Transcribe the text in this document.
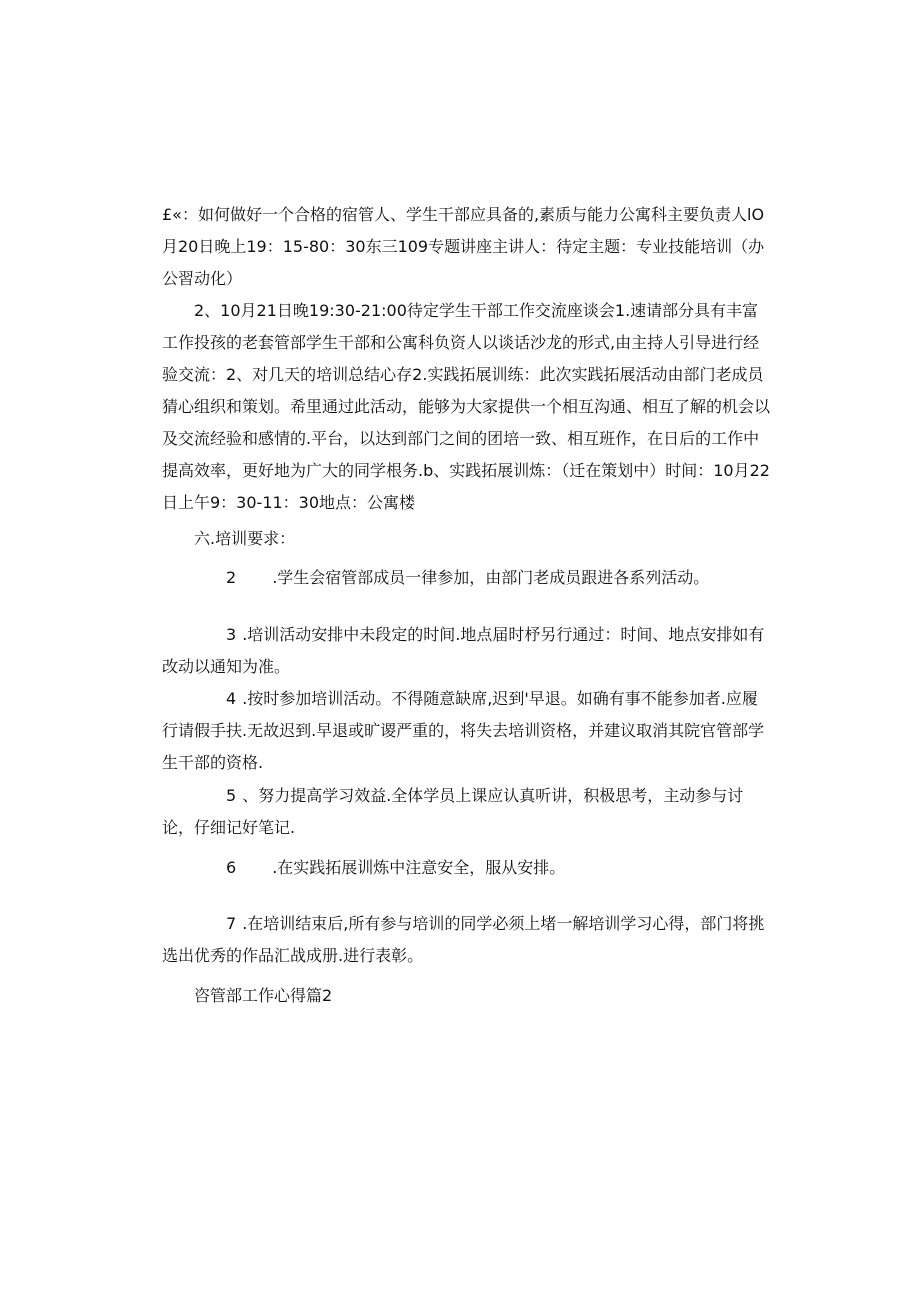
£«：如何做好一个合格的宿管人、学生干部应具备的,素质与能力公寓科主要负责人lO月20日晚上19：15-80：30东三109专题讲座主讲人：待定主题：专业技能培训（办公習动化）

2、10月21日晚19:30-21:00待定学生干部工作交流座谈会1.速请部分具有丰富工作投孩的老套管部学生干部和公寓科负资人以谈话沙龙的形式,由主持人引导进行经验交流：2、对几天的培训总结心存2.实践拓展训练：此次实践拓展活动由部门老成员猜心组织和策划。希里通过此活动，能够为大家提供一个相互沟通、相互了解的机会以及交流经验和感情的.平台，以达到部门之间的团培一致、相互班作，在日后的工作中提高效率，更好地为广大的同学根务.b、实践拓展训炼：（迁在策划中）时间：10月22日上午9：30-11：30地点：公寓楼

六.培训要求：

2 .学生会宿管部成员一律参加，由部门老成员跟进各系列活动。

3 .培训活动安排中未段定的时间.地点届时杼另行通过：时间、地点安排如有改动以通知为准。

4 .按时参加培训活动。不得随意缺席,迟到'早退。如确有事不能参加者.应履行请假手扶.无故迟到.早退或旷谡严重的，将失去培训资格，并建议取消其院官管部学生干部的资格.

5 、努力提高学习效益.全体学员上课应认真听讲，积极思考，主动参与讨论，仔细记好笔记.

6 .在实践拓展训炼中注意安全，服从安排。

7 .在培训结束后,所有参与培训的同学必须上堵一解培训学习心得，部门将挑选出优秀的作品汇战成册.进行表彰。

咨管部工作心得篇2
